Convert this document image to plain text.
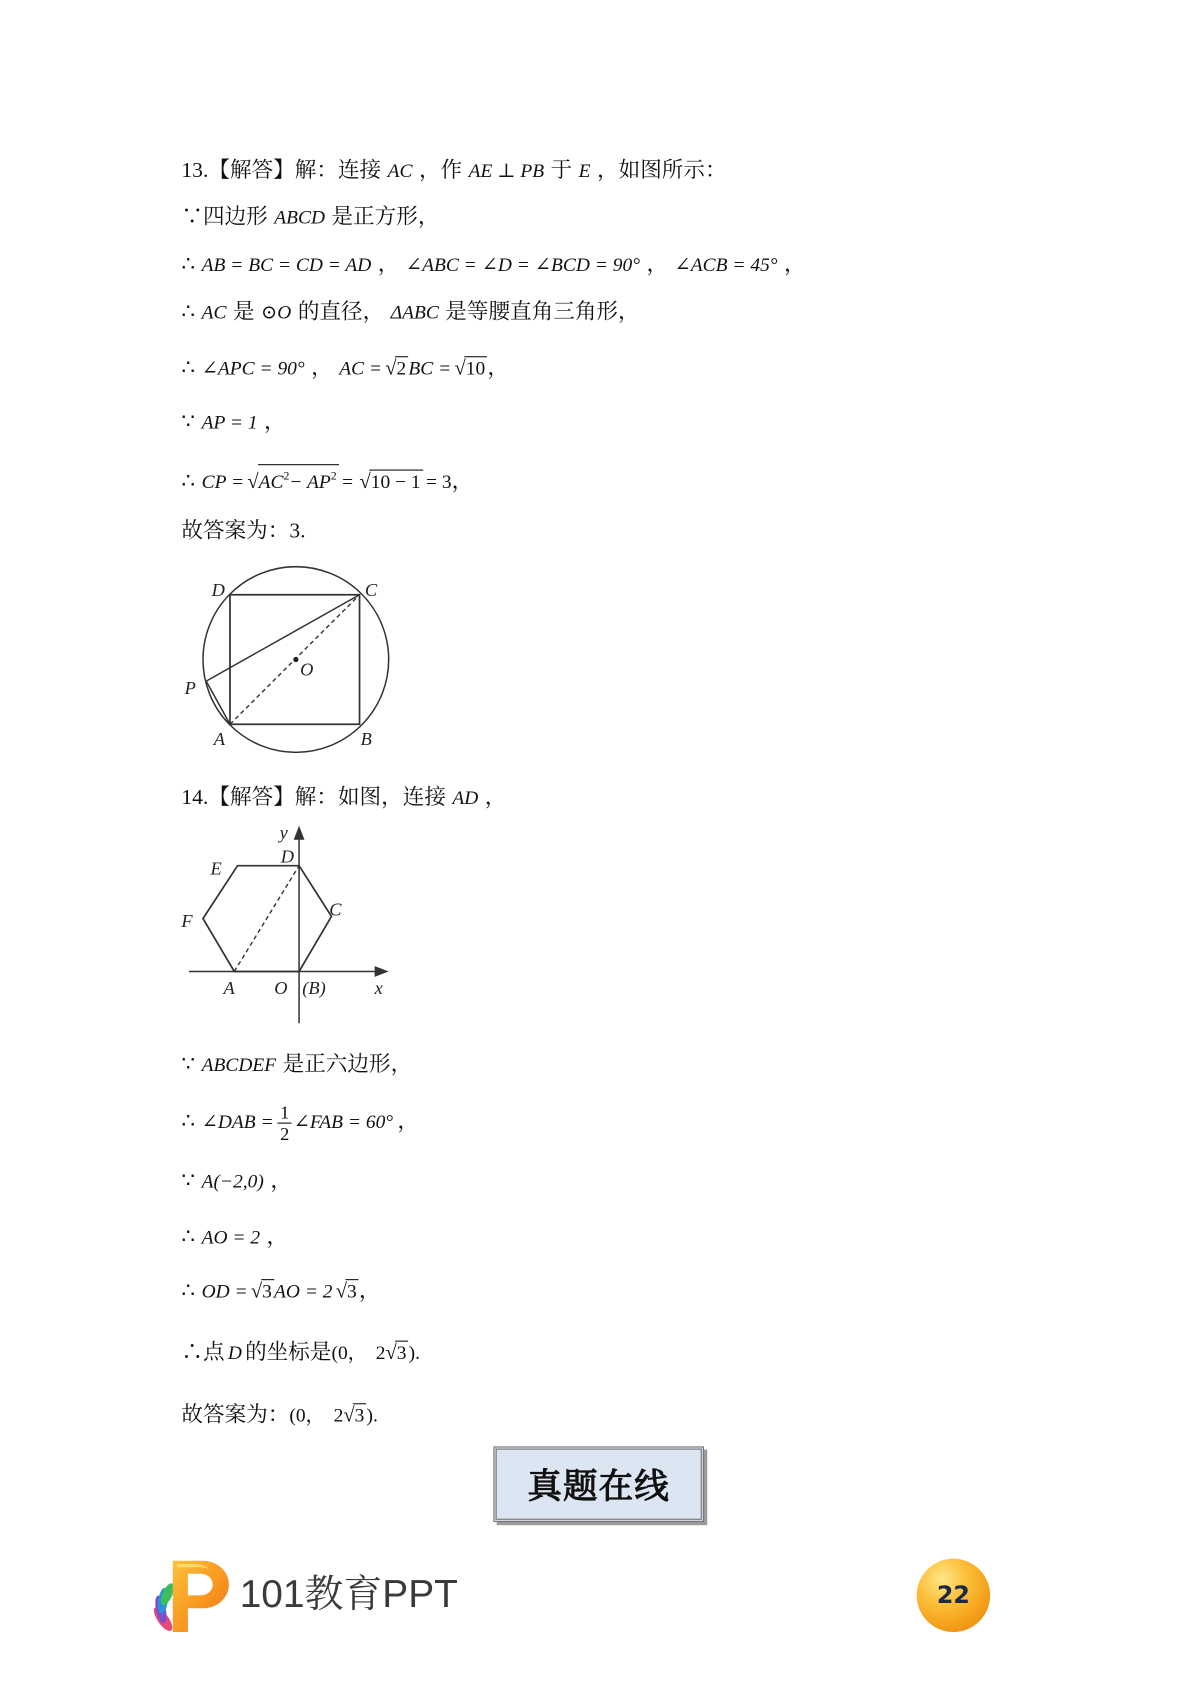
13.【解答】解：连接 AC ，作 AE ⊥ PB 于 E ，如图所示：
∵四边形 ABCD 是正方形，
∴ AB = BC = CD = AD ， ∠ABC = ∠D = ∠BCD = 90° ， ∠ACB = 45° ，
∴ AC 是 ⊙O 的直径， ΔABC 是等腰直角三角形，
∴ ∠APC = 90° ， AC = √2 BC = √10 ，
∵ AP = 1 ，
∴ CP = $√AC^2- AP^2 = √10 - 1 = 3$，
故答案为：3.
D	C
O
P
A	B
14.【解答】解：如图，连接 AD ，
y
D
E
C
F
A O (B)	x
∵ ABCDEF 是正六边形，
∴ ∠DAB = $\frac{1}{2}$ ∠FAB = 60° ，
∵ A(−2,0) ，
∴ AO = 2 ，
∴ OD = √3 AO = 2 √3 ，
∴点 D 的坐标是(0， 2√3 ).
故答案为：(0， 2√3 ).
真题在线
101教育PPT	22
